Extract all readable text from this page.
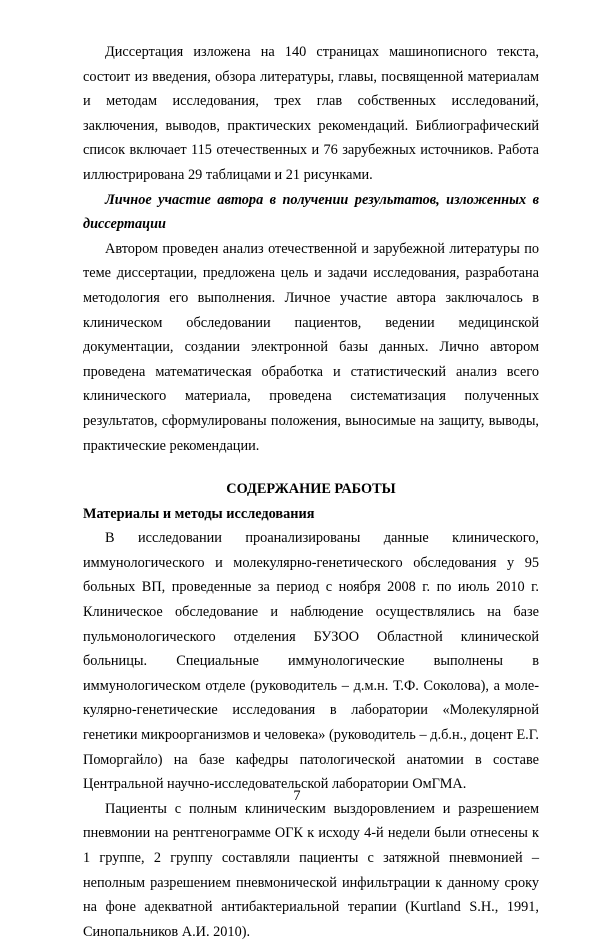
Диссертация изложена на 140 страницах машинописного текста, состоит из введения, обзора литературы, главы, посвященной материалам и методам исследования, трех глав собственных исследований, заключения, выводов, практических рекомендаций. Библиографический список включает 115 отечественных и 76 зарубежных источников. Работа иллюстрирована 29 таблицами и 21 рисунками.

Личное участие автора в получении результатов, изложенных в диссертации

Автором проведен анализ отечественной и зарубежной литературы по теме диссертации, предложена цель и задачи исследования, разработана методология его выполнения. Личное участие автора заключалось в клиническом обследовании пациентов, ведении медицинской документации, создании электронной базы данных. Лично автором проведена математическая обработка и статистический анализ всего клинического материала, проведена систематизация полученных результатов, сформулированы положения, выносимые на защиту, выводы, практические рекомендации.

СОДЕРЖАНИЕ РАБОТЫ
Материалы и методы исследования

В исследовании проанализированы данные клинического, иммунологического и молекулярно-генетического обследования у 95 больных ВП, проведенные за период с ноября 2008 г. по июль 2010 г. Клиническое обследование и наблюдение осуществлялись на базе пульмонологического отделения БУЗОО Областной клинической больницы. Специальные иммунологические выполнены в иммунологическом отделе (руководитель – д.м.н. Т.Ф. Соколова), а молекулярно-генетические исследования в лаборатории «Молекулярной генетики микроорганизмов и человека» (руководитель – д.б.н., доцент Е.Г. Поморгайло) на базе кафедры патологической анатомии в составе Центральной научно-исследовательской лаборатории ОмГМА.

Пациенты с полным клиническим выздоровлением и разрешением пневмонии на рентгенограмме ОГК к исходу 4-й недели были отнесены к 1 группе, 2 группу составляли пациенты с затяжной пневмонией – неполным разрешением пневмонической инфильтрации к данному сроку на фоне адекватной антибактериальной терапии (Kurtland S.H., 1991, Синопальников А.И. 2010).

7
